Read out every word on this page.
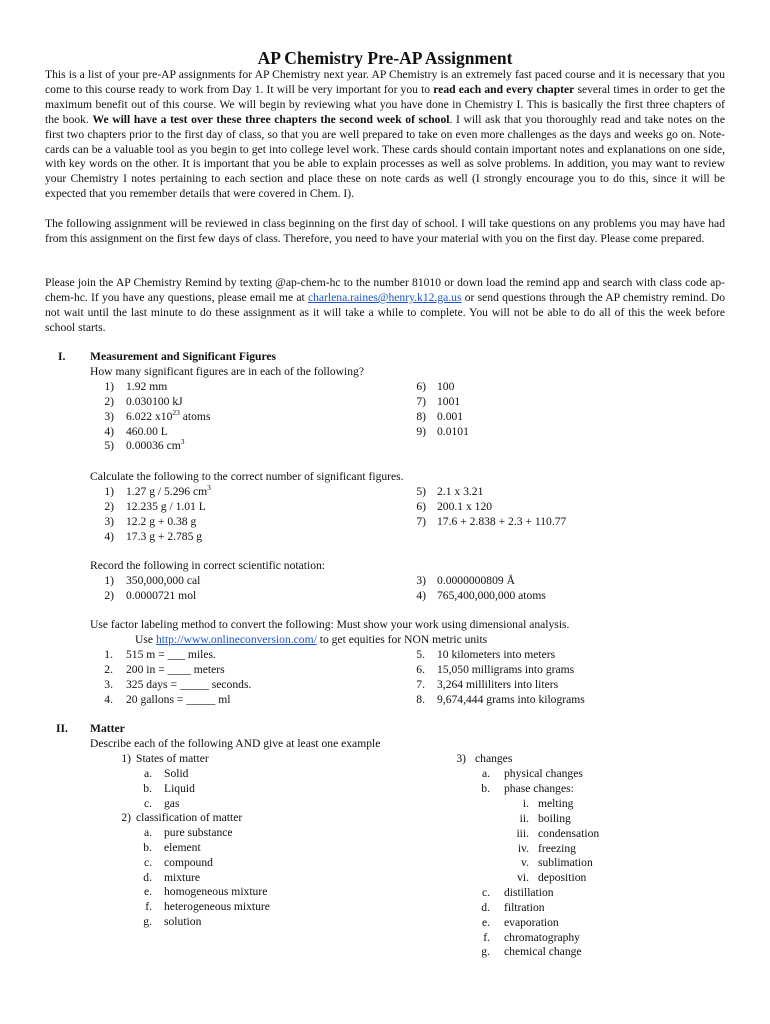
AP Chemistry Pre-AP Assignment

This is a list of your pre-AP assignments for AP Chemistry next year. AP Chemistry is an extremely fast paced course and it is necessary that you come to this course ready to work from Day 1. It will be very important for you to read each and every chapter several times in order to get the maximum benefit out of this course. We will begin by reviewing what you have done in Chemistry I. This is basically the first three chapters of the book. We will have a test over these three chapters the second week of school. I will ask that you thoroughly read and take notes on the first two chapters prior to the first day of class, so that you are well prepared to take on even more challenges as the days and weeks go on. Note-cards can be a valuable tool as you begin to get into college level work. These cards should contain important notes and explanations on one side, with key words on the other. It is important that you be able to explain processes as well as solve problems. In addition, you may want to review your Chemistry I notes pertaining to each section and place these on note cards as well (I strongly encourage you to do this, since it will be expected that you remember details that were covered in Chem. I).

The following assignment will be reviewed in class beginning on the first day of school. I will take questions on any problems you may have had from this assignment on the first few days of class. Therefore, you need to have your material with you on the first day. Please come prepared.

Please join the AP Chemistry Remind by texting @ap-chem-hc to the number 81010 or down load the remind app and search with class code ap-chem-hc. If you have any questions, please email me at charlena.raines@henry.k12.ga.us or send questions through the AP chemistry remind. Do not wait until the last minute to do these assignment as it will take a while to complete. You will not be able to do all of this the week before school starts.

I. Measurement and Significant Figures
How many significant figures are in each of the following?
1) 1.92 mm
2) 0.030100 kJ
3) 6.022 $x10^{23}$ atoms
4) 460.00 L
5) 0.00036 $cm^3$
6) 100
7) 1001
8) 0.001
9) 0.0101
Calculate the following to the correct number of significant figures.
1) 1.27 g / 5.296 $cm^3$
2) 12.235 g / 1.01 L
3) 12.2 g + 0.38 g
4) 17.3 g + 2.785 g
5) 2.1 x 3.21
6) 200.1 x 120
7) 17.6 + 2.838 + 2.3 + 110.77
Record the following in correct scientific notation:
1) 350,000,000 cal
2) 0.0000721 mol
3) 0.0000000809 Å
4) 765,400,000,000 atoms
Use factor labeling method to convert the following: Must show your work using dimensional analysis.
Use http://www.onlineconversion.com/ to get equities for NON metric units
1. 515 m = ___ miles.
2. 200 in = ____ meters
3. 325 days = _____ seconds.
4. 20 gallons = _____ ml
5. 10 kilometers into meters
6. 15,050 milligrams into grams
7. 3,264 milliliters into liters
8. 9,674,444 grams into kilograms
II. Matter
Describe each of the following AND give at least one example
1) States of matter
a. Solid
b. Liquid
c. gas
2) classification of matter
a. pure substance
b. element
c. compound
d. mixture
e. homogeneous mixture
f. heterogeneous mixture
g. solution
3) changes
a. physical changes
b. phase changes:
i. melting
ii. boiling
iii. condensation
iv. freezing
v. sublimation
vi. deposition
c. distillation
d. filtration
e. evaporation
f. chromatography
g. chemical change
